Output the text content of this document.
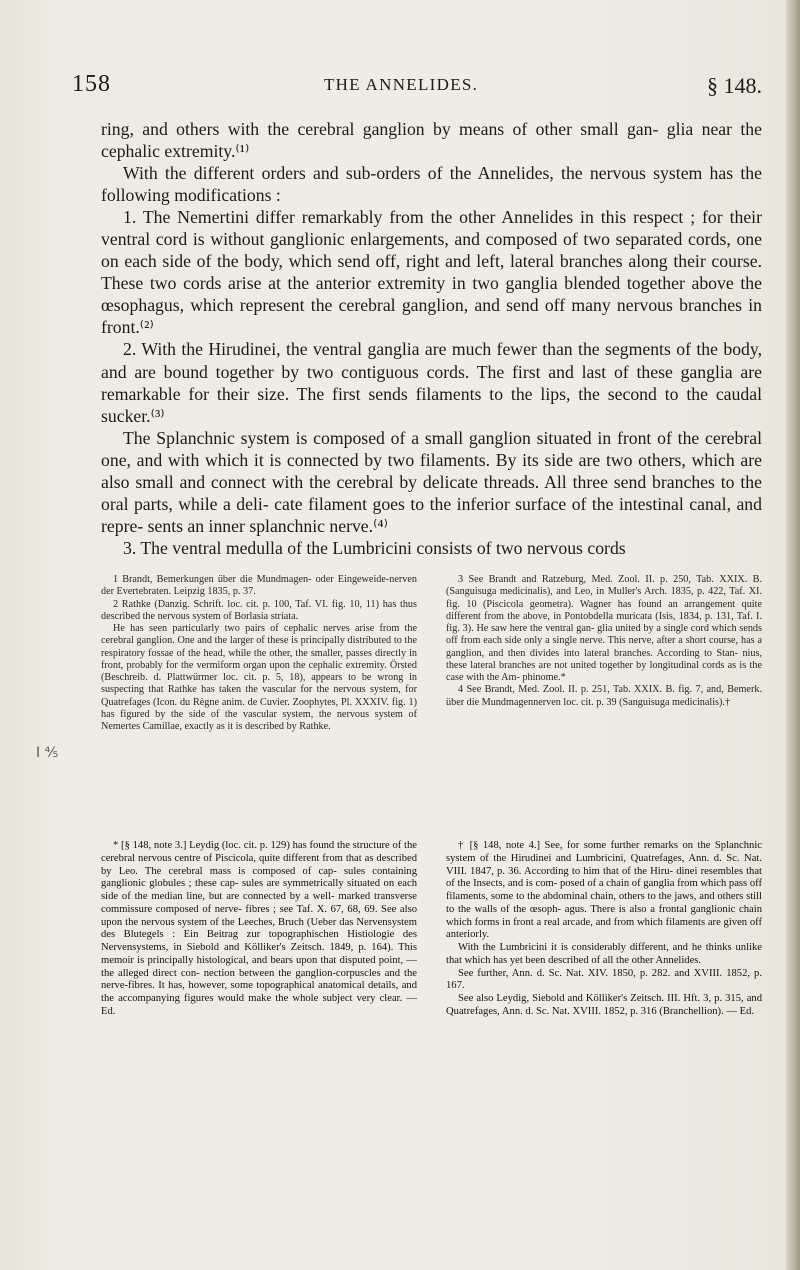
I ⅘
158	THE ANNELIDES.	§ 148.

ring, and others with the cerebral ganglion by means of other small gan- glia near the cephalic extremity.⁽¹⁾

With the different orders and sub-orders of the Annelides, the nervous system has the following modifications :

1. The Nemertini differ remarkably from the other Annelides in this respect ; for their ventral cord is without ganglionic enlargements, and composed of two separated cords, one on each side of the body, which send off, right and left, lateral branches along their course. These two cords arise at the anterior extremity in two ganglia blended together above the œsophagus, which represent the cerebral ganglion, and send off many nervous branches in front.⁽²⁾

2. With the Hirudinei, the ventral ganglia are much fewer than the segments of the body, and are bound together by two contiguous cords. The first and last of these ganglia are remarkable for their size. The first sends filaments to the lips, the second to the caudal sucker.⁽³⁾

The Splanchnic system is composed of a small ganglion situated in front of the cerebral one, and with which it is connected by two filaments. By its side are two others, which are also small and connect with the cerebral by delicate threads. All three send branches to the oral parts, while a deli- cate filament goes to the inferior surface of the intestinal canal, and repre- sents an inner splanchnic nerve.⁽⁴⁾

3. The ventral medulla of the Lumbricini consists of two nervous cords

1 Brandt, Bemerkungen über die Mundmagen- oder Eingeweide-nerven der Evertebraten. Leipzig 1835, p. 37.

2 Rathke (Danzig. Schrift. loc. cit. p. 100, Taf. VI. fig. 10, 11) has thus described the nervous system of Borlasia striata.

He has seen particularly two pairs of cephalic nerves arise from the cerebral ganglion. One and the larger of these is principally distributed to the respiratory fossae of the head, while the other, the smaller, passes directly in front, probably for the vermiform organ upon the cephalic extremity. Örsted (Beschreib. d. Plattwürmer loc. cit. p. 5, 18), appears to be wrong in suspecting that Rathke has taken the vascular for the nervous system, for Quatrefages (Icon. du Règne anim. de Cuvier. Zoophytes, Pl. XXXIV. fig. 1) has figured by the side of the vascular system, the nervous system of Nemertes Camillae, exactly as it is described by Rathke.

3 See Brandt and Ratzeburg, Med. Zool. II. p. 250, Tab. XXIX. B. (Sanguisuga medicinalis), and Leo, in Muller's Arch. 1835, p. 422, Taf. XI. fig. 10 (Piscicola geometra). Wagner has found an arrangement quite different from the above, in Pontobdella muricata (Isis, 1834, p. 131, Taf. I. fig. 3). He saw here the ventral gan- glia united by a single cord which sends off from each side only a single nerve. This nerve, after a short course, has a ganglion, and then divides into lateral branches. According to Stan- nius, these lateral branches are not united together by longitudinal cords as is the case with the Am- phinome.*

4 See Brandt, Med. Zool. II. p. 251, Tab. XXIX. B. fig. 7, and, Bemerk. über die Mundmagennerven loc. cit. p. 39 (Sanguisuga medicinalis).†

* [§ 148, note 3.] Leydig (loc. cit. p. 129) has found the structure of the cerebral nervous centre of Piscicola, quite different from that as described by Leo. The cerebral mass is composed of cap- sules containing ganglionic globules ; these cap- sules are symmetrically situated on each side of the median line, but are connected by a well- marked transverse commissure composed of nerve- fibres ; see Taf. X. 67, 68, 69. See also upon the nervous system of the Leeches, Bruch (Ueber das Nervensystem des Blutegels : Ein Beitrag zur topographischen Histiologie des Nervensystems, in Siebold and Kölliker's Zeitsch. 1849, p. 164). This memoir is principally histological, and bears upon that disputed point, — the alleged direct con- nection between the ganglion-corpuscles and the nerve-fibres. It has, however, some topographical anatomical details, and the accompanying figures would make the whole subject very clear. — Ed.

† [§ 148, note 4.] See, for some further remarks on the Splanchnic system of the Hirudinei and Lumbricini, Quatrefages, Ann. d. Sc. Nat. VIII. 1847, p. 36. According to him that of the Hiru- dinei resembles that of the Insects, and is com- posed of a chain of ganglia from which pass off filaments, some to the abdominal chain, others to the jaws, and others still to the walls of the œsoph- agus. There is also a frontal ganglionic chain which forms in front a real arcade, and from which filaments are given off anteriorly.

With the Lumbricini it is considerably different, and he thinks unlike that which has yet been described of all the other Annelides.

See further, Ann. d. Sc. Nat. XIV. 1850, p. 282. and XVIII. 1852, p. 167.

See also Leydig, Siebold and Kölliker's Zeitsch. III. Hft. 3, p. 315, and Quatrefages, Ann. d. Sc. Nat. XVIII. 1852, p. 316 (Branchellion). — Ed.
